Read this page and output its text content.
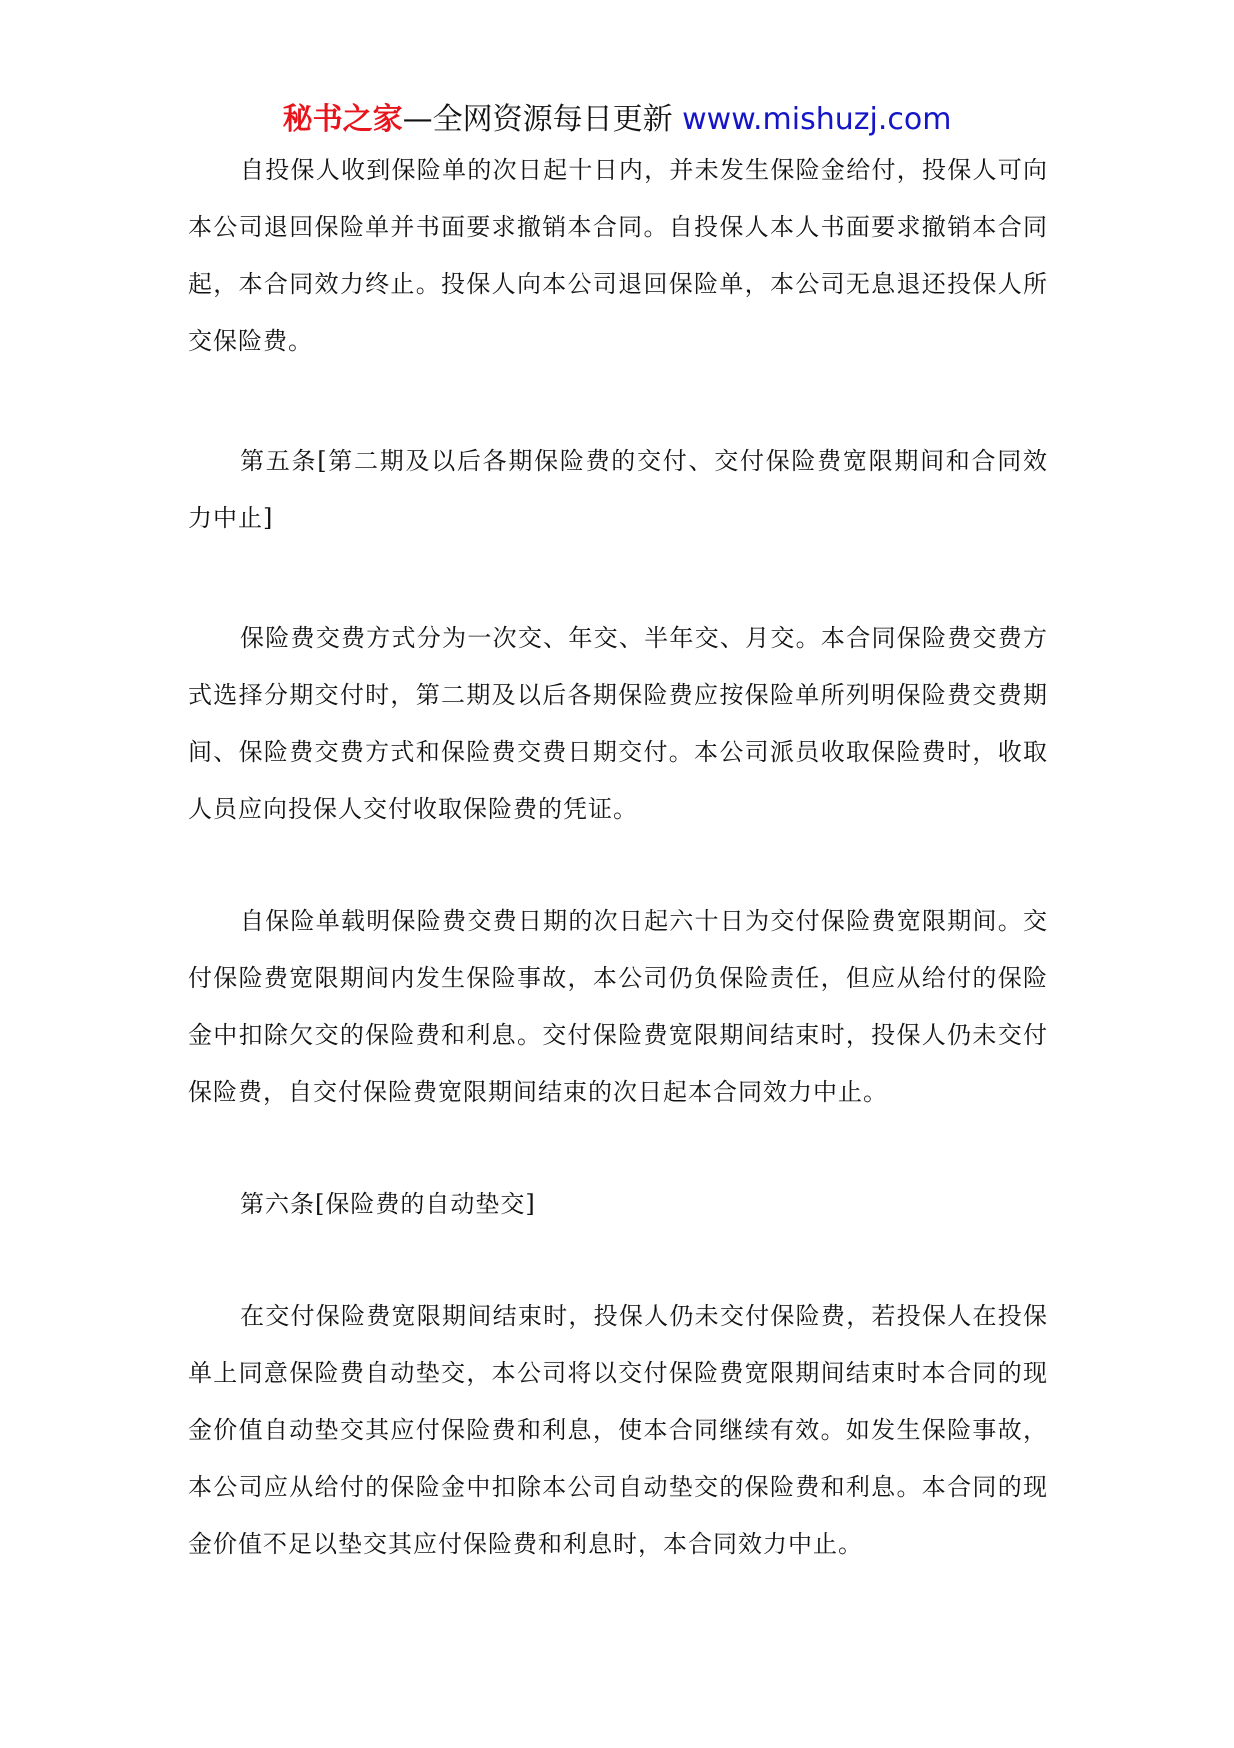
秘书之家—全网资源每日更新 www.mishuzj.com

自投保人收到保险单的次日起十日内，并未发生保险金给付，投保人可向本公司退回保险单并书面要求撤销本合同。自投保人本人书面要求撤销本合同起，本合同效力终止。投保人向本公司退回保险单，本公司无息退还投保人所交保险费。

第五条[第二期及以后各期保险费的交付、交付保险费宽限期间和合同效力中止]

保险费交费方式分为一次交、年交、半年交、月交。本合同保险费交费方式选择分期交付时，第二期及以后各期保险费应按保险单所列明保险费交费期间、保险费交费方式和保险费交费日期交付。本公司派员收取保险费时，收取人员应向投保人交付收取保险费的凭证。

自保险单载明保险费交费日期的次日起六十日为交付保险费宽限期间。交付保险费宽限期间内发生保险事故，本公司仍负保险责任，但应从给付的保险金中扣除欠交的保险费和利息。交付保险费宽限期间结束时，投保人仍未交付保险费，自交付保险费宽限期间结束的次日起本合同效力中止。

第六条[保险费的自动垫交]

在交付保险费宽限期间结束时，投保人仍未交付保险费，若投保人在投保单上同意保险费自动垫交，本公司将以交付保险费宽限期间结束时本合同的现金价值自动垫交其应付保险费和利息，使本合同继续有效。如发生保险事故，本公司应从给付的保险金中扣除本公司自动垫交的保险费和利息。本合同的现金价值不足以垫交其应付保险费和利息时，本合同效力中止。
